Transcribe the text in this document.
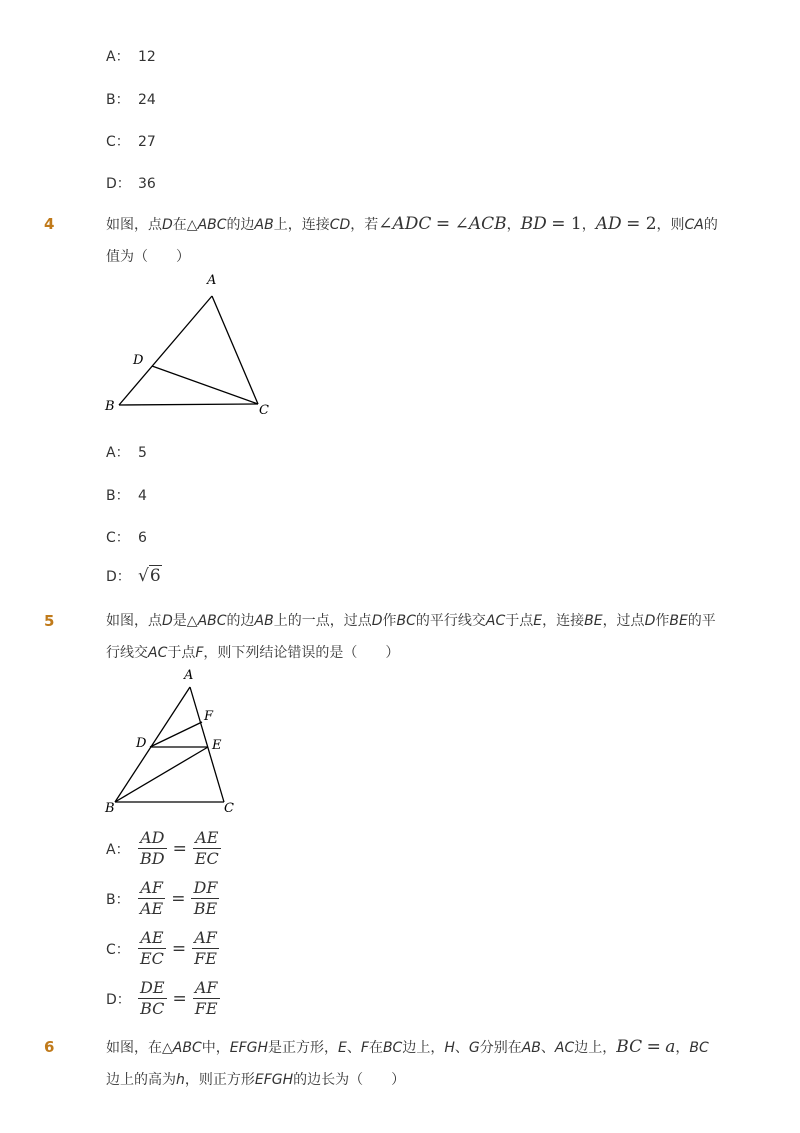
A： 12
B： 24
C： 27
D： 36
4	如图，点D在△ABC的边AB上，连接CD，若∠ADC = ∠ACB，BD = 1，AD = 2，则CA的值为（　　）
A
D
B	C
A： 5
B： 4
C： 6
D： √6
5	如图，点D是△ABC的边AB上的一点，过点D作BC的平行线交AC于点E，连接BE，过点D作BE的平行线交AC于点F，则下列结论错误的是（　　）
A
F
D	E
B	C
A： $\frac{AD}{BD} = \frac{AE}{EC}$
B： $\frac{AF}{AE} = \frac{DF}{BE}$
C： $\frac{AE}{EC} = \frac{AF}{FE}$
D： $\frac{DE}{BC} = \frac{AF}{FE}$
6	如图，在△ABC中，EFGH是正方形，E、F在BC边上，H、G分别在AB、AC边上，BC = a，BC边上的高为h，则正方形EFGH的边长为（　　）
